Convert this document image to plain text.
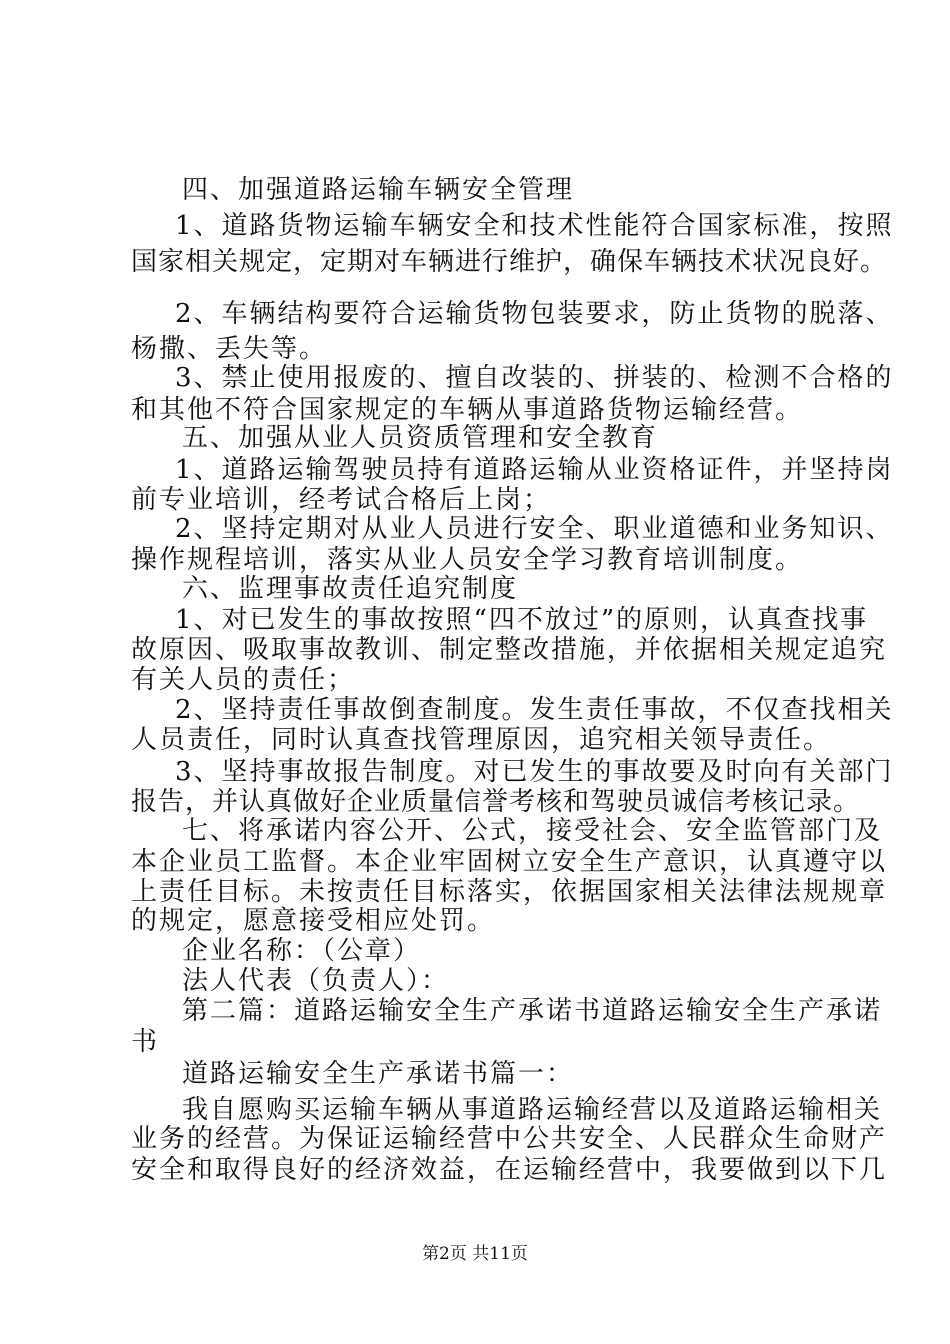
四、加强道路运输车辆安全管理
1、道路货物运输车辆安全和技术性能符合国家标准，按照
国家相关规定，定期对车辆进行维护，确保车辆技术状况良好。
2、车辆结构要符合运输货物包装要求，防止货物的脱落、
杨撒、丢失等。
3、禁止使用报废的、擅自改装的、拼装的、检测不合格的
和其他不符合国家规定的车辆从事道路货物运输经营。
五、加强从业人员资质管理和安全教育
1、道路运输驾驶员持有道路运输从业资格证件，并坚持岗
前专业培训，经考试合格后上岗；
2、坚持定期对从业人员进行安全、职业道德和业务知识、
操作规程培训，落实从业人员安全学习教育培训制度。
六、监理事故责任追究制度
1、对已发生的事故按照“四不放过”的原则，认真查找事
故原因、吸取事故教训、制定整改措施，并依据相关规定追究
有关人员的责任；
2、坚持责任事故倒查制度。发生责任事故，不仅查找相关
人员责任，同时认真查找管理原因，追究相关领导责任。
3、坚持事故报告制度。对已发生的事故要及时向有关部门
报告，并认真做好企业质量信誉考核和驾驶员诚信考核记录。
七、将承诺内容公开、公式，接受社会、安全监管部门及
本企业员工监督。本企业牢固树立安全生产意识，认真遵守以
上责任目标。未按责任目标落实，依据国家相关法律法规规章
的规定，愿意接受相应处罚。
企业名称：（公章）
法人代表（负责人）：
第二篇：道路运输安全生产承诺书道路运输安全生产承诺
书
道路运输安全生产承诺书篇一：
我自愿购买运输车辆从事道路运输经营以及道路运输相关
业务的经营。为保证运输经营中公共安全、人民群众生命财产
安全和取得良好的经济效益，在运输经营中，我要做到以下几
第2页 共11页
